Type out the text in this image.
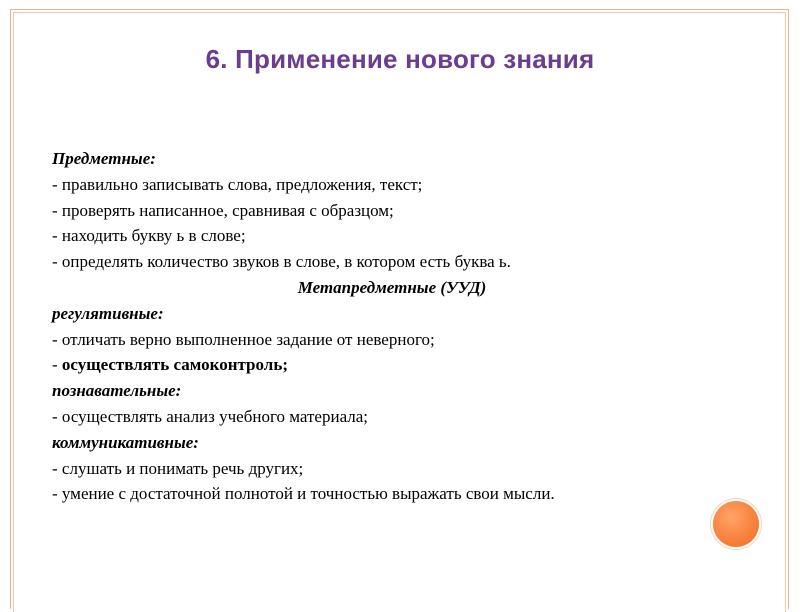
6. Применение нового знания
Предметные:
- правильно записывать слова, предложения, текст;
- проверять написанное, сравнивая с образцом;
- находить букву ь в слове;
- определять количество звуков в слове, в котором есть буква ь.
Метапредметные (УУД)
регулятивные:
- отличать верно выполненное задание от неверного;
- осуществлять самоконтроль;
познавательные:
- осуществлять анализ учебного материала;
коммуникативные:
- слушать и понимать речь других;
- умение с достаточной полнотой и точностью выражать свои мысли.
